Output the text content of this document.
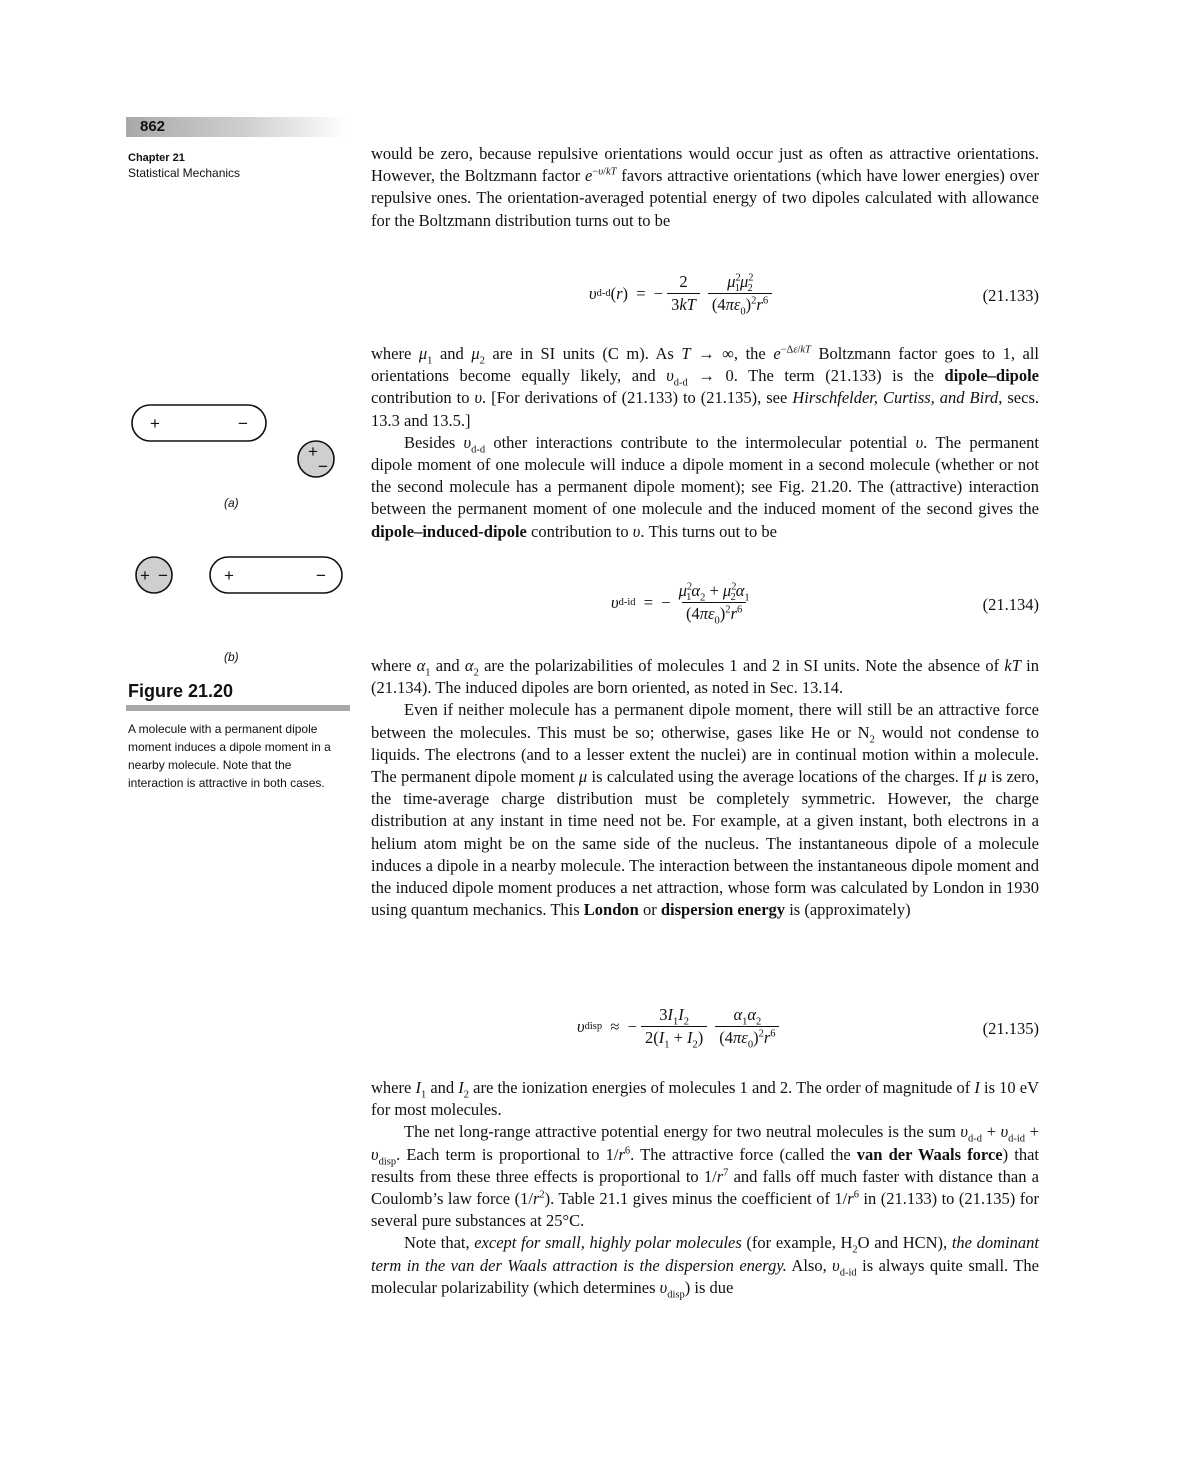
862
Chapter 21
Statistical Mechanics
+	−
+
−
(a)
+ −	+	−
(b)
Figure 21.20
A molecule with a permanent dipole moment induces a dipole moment in a nearby molecule. Note that the interaction is attractive in both cases.

would be zero, because repulsive orientations would occur just as often as attractive orientations. However, the Boltzmann factor $e^{-\upsilon/kT}$ favors attractive orientations (which have lower energies) over repulsive ones. The orientation-averaged potential energy of two dipoles calculated with allowance for the Boltzmann distribution turns out to be

υ d-d ( r )  =  − $\frac{2}{3kT} \frac{\mu^2_1\mu^2_2}{(4\pi\varepsilon_0)^2r^6}$	(21.133)

where $\mu_1$ and $\mu_2$ are in SI units (C m). As T → ∞, the $e^{-\Delta\varepsilon/kT}$ Boltzmann factor goes to 1, all orientations become equally likely, and $\upsilon_{d-d} \to 0$. The term (21.133) is the dipole–dipole contribution to υ. [For derivations of (21.133) to (21.135), see Hirschfelder, Curtiss, and Bird, secs. 13.3 and 13.5.]

Besides $\upsilon_{d-d}$ other interactions contribute to the intermolecular potential υ. The permanent dipole moment of one molecule will induce a dipole moment in a second molecule (whether or not the second molecule has a permanent dipole moment); see Fig. 21.20. The (attractive) interaction between the permanent moment of one molecule and the induced moment of the second gives the dipole–induced-dipole contribution to υ. This turns out to be

υ d-id =  − $\frac{\mu^2_1\alpha_2 + \mu^2_2\alpha_1}{(4\pi\varepsilon_0)^2r^6}$	(21.134)

where $\alpha_1$ and $\alpha_2$ are the polarizabilities of molecules 1 and 2 in SI units. Note the absence of kT in (21.134). The induced dipoles are born oriented, as noted in Sec. 13.14.

Even if neither molecule has a permanent dipole moment, there will still be an attractive force between the molecules. This must be so; otherwise, gases like He or $N_2$ would not condense to liquids. The electrons (and to a lesser extent the nuclei) are in continual motion within a molecule. The permanent dipole moment μ is calculated using the average locations of the charges. If μ is zero, the time-average charge distribution must be completely symmetric. However, the charge distribution at any instant in time need not be. For example, at a given instant, both electrons in a helium atom might be on the same side of the nucleus. The instantaneous dipole of a molecule induces a dipole in a nearby molecule. The interaction between the instantaneous dipole moment and the induced dipole moment produces a net attraction, whose form was calculated by London in 1930 using quantum mechanics. This London or dispersion energy is (approximately)

υ disp ≈  − $\frac{3I_1I_2}{2(I_1 + I_2)} \frac{\alpha_1\alpha_2}{(4\pi\varepsilon_0)^2r^6}$	(21.135)

where $I_1$ and $I_2$ are the ionization energies of molecules 1 and 2. The order of magnitude of I is 10 eV for most molecules.

The net long-range attractive potential energy for two neutral molecules is the sum $\upsilon_{d-d} + \upsilon_{d-id} + \upsilon_{disp}$. Each term is proportional to $1/r^6$. The attractive force (called the van der Waals force) that results from these three effects is proportional to $1/r^7$ and falls off much faster with distance than a Coulomb’s law force $(1/r^2)$. Table 21.1 gives minus the coefficient of $1/r^6$ in (21.133) to (21.135) for several pure substances at 25°C.

Note that, except for small, highly polar molecules (for example, $H_2O$ and HCN), the dominant term in the van der Waals attraction is the dispersion energy. Also, $\upsilon_{d-id}$ is always quite small. The molecular polarizability (which determines $\upsilon_{disp}$) is due
